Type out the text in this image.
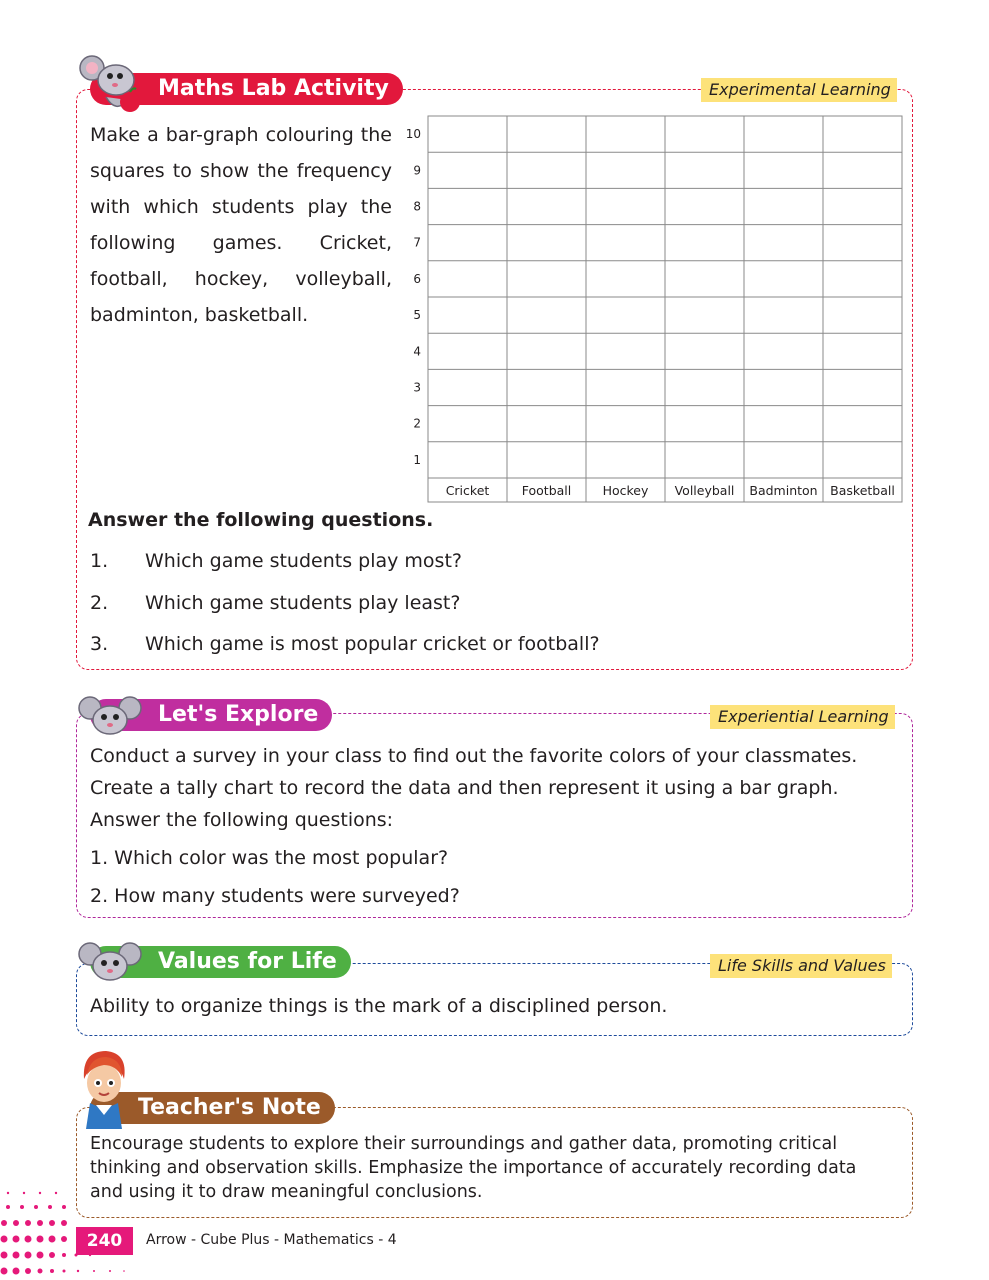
Maths Lab Activity	Experimental Learning

Make a bar-graph colouring the

squares to show the frequency

with which students play the

following games. Cricket,

football, hockey, volleyball,

badminton, basketball.

1
2
3
4
5
6
7
8
9
10
Cricket	Football	Hockey Volleyball Badminton Basketball
Answer the following questions.
1. Which game students play most?
2. Which game students play least?
3. Which game is most popular cricket or football?
Let's Explore	Experiential Learning
Conduct a survey in your class to find out the favorite colors of your classmates.
Create a tally chart to record the data and then represent it using a bar graph.
Answer the following questions:
1. Which color was the most popular?
2. How many students were surveyed?
Values for Life	Life Skills and Values
Ability to organize things is the mark of a disciplined person.
Teacher's Note
Encourage students to explore their surroundings and gather data, promoting critical
thinking and observation skills. Emphasize the importance of accurately recording data
and using it to draw meaningful conclusions.
240	Arrow - Cube Plus - Mathematics - 4
